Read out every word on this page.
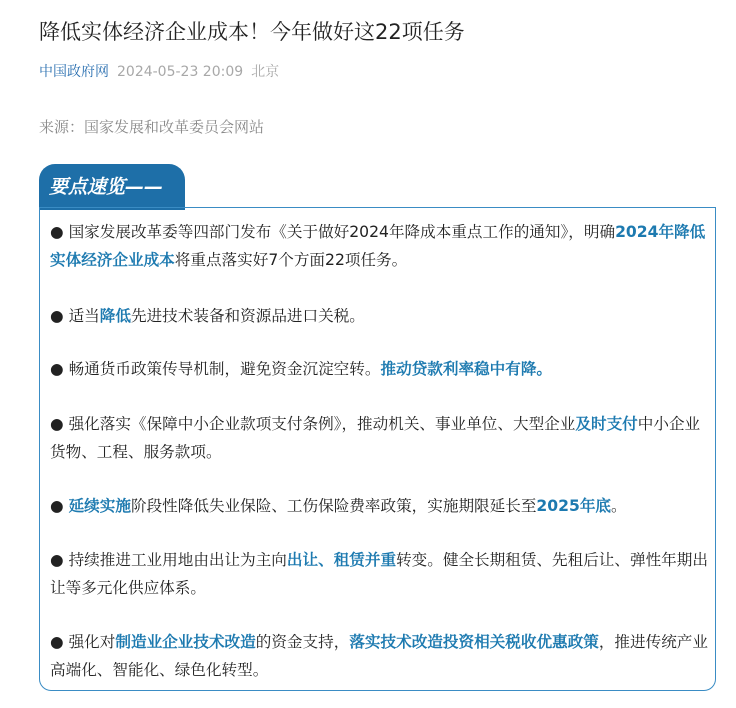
降低实体经济企业成本！今年做好这22项任务
中国政府网 2024-05-23 20:09 北京
来源：国家发展和改革委员会网站
要点速览——
● 国家发展改革委等四部门发布《关于做好2024年降成本重点工作的通知》，明确2024年降低实体经济企业成本将重点落实好7个方面22项任务。
● 适当降低先进技术装备和资源品进口关税。
● 畅通货币政策传导机制，避免资金沉淀空转。推动贷款利率稳中有降。
● 强化落实《保障中小企业款项支付条例》，推动机关、事业单位、大型企业及时支付中小企业货物、工程、服务款项。
● 延续实施阶段性降低失业保险、工伤保险费率政策，实施期限延长至2025年底。
● 持续推进工业用地由出让为主向出让、租赁并重转变。健全长期租赁、先租后让、弹性年期出让等多元化供应体系。
● 强化对制造业企业技术改造的资金支持，落实技术改造投资相关税收优惠政策，推进传统产业高端化、智能化、绿色化转型。
